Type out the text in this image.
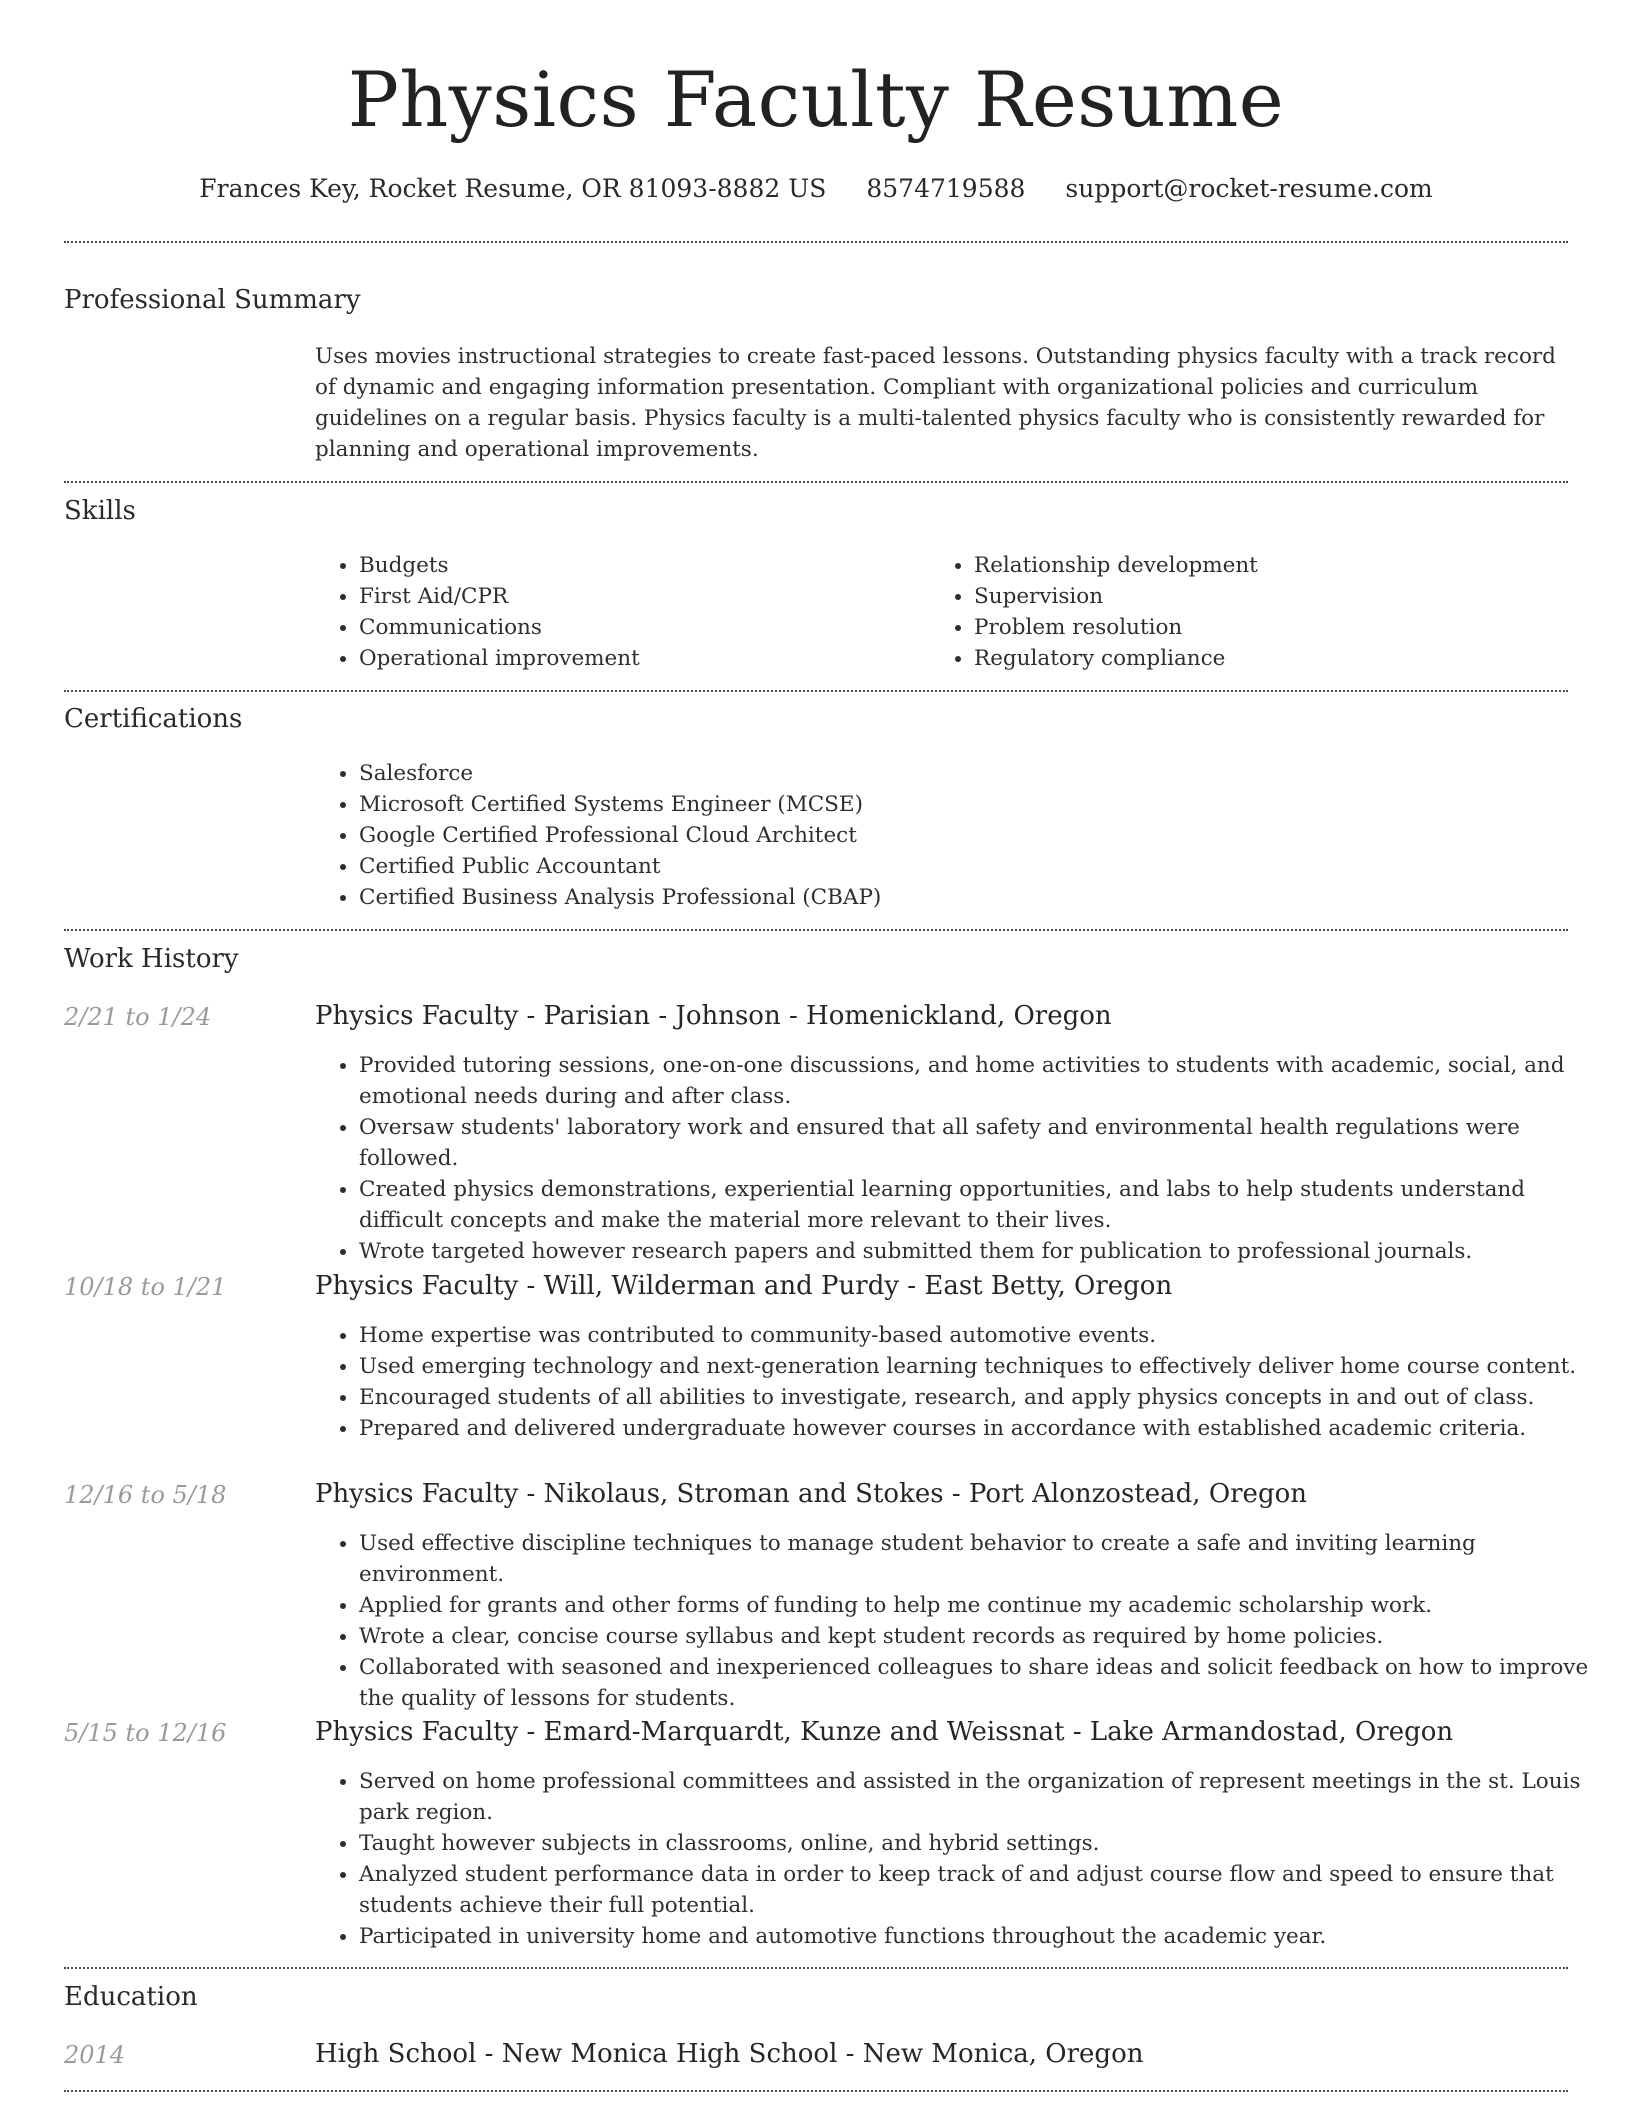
Physics Faculty Resume
Frances Key, Rocket Resume, OR 81093-8882 US 8574719588 support@rocket-resume.com
Professional Summary

Uses movies instructional strategies to create fast-paced lessons. Outstanding physics faculty with a track record of dynamic and engaging information presentation. Compliant with organizational policies and curriculum guidelines on a regular basis. Physics faculty is a multi-talented physics faculty who is consistently rewarded for planning and operational improvements.

Skills
• Budgets
• First Aid/CPR
• Communications
• Operational improvement
• Relationship development
• Supervision
• Problem resolution
• Regulatory compliance
Certifications
• Salesforce
• Microsoft Certified Systems Engineer (MCSE)
• Google Certified Professional Cloud Architect
• Certified Public Accountant
• Certified Business Analysis Professional (CBAP)
Work History
2/21 to 1/24	Physics Faculty - Parisian - Johnson - Homenickland, Oregon
• Provided tutoring sessions, one-on-one discussions, and home activities to students with academic, social, and emotional needs during and after class.
• Oversaw students' laboratory work and ensured that all safety and environmental health regulations were followed.
• Created physics demonstrations, experiential learning opportunities, and labs to help students understand difficult concepts and make the material more relevant to their lives.
• Wrote targeted however research papers and submitted them for publication to professional journals.
10/18 to 1/21	Physics Faculty - Will, Wilderman and Purdy - East Betty, Oregon
• Home expertise was contributed to community-based automotive events.
• Used emerging technology and next-generation learning techniques to effectively deliver home course content.
• Encouraged students of all abilities to investigate, research, and apply physics concepts in and out of class.
• Prepared and delivered undergraduate however courses in accordance with established academic criteria.
12/16 to 5/18	Physics Faculty - Nikolaus, Stroman and Stokes - Port Alonzostead, Oregon
• Used effective discipline techniques to manage student behavior to create a safe and inviting learning environment.
• Applied for grants and other forms of funding to help me continue my academic scholarship work.
• Wrote a clear, concise course syllabus and kept student records as required by home policies.
• Collaborated with seasoned and inexperienced colleagues to share ideas and solicit feedback on how to improve the quality of lessons for students.
5/15 to 12/16	Physics Faculty - Emard-Marquardt, Kunze and Weissnat - Lake Armandostad, Oregon
• Served on home professional committees and assisted in the organization of represent meetings in the st. Louis park region.
• Taught however subjects in classrooms, online, and hybrid settings.
• Analyzed student performance data in order to keep track of and adjust course flow and speed to ensure that students achieve their full potential.
• Participated in university home and automotive functions throughout the academic year.
Education
2014	High School - New Monica High School - New Monica, Oregon
